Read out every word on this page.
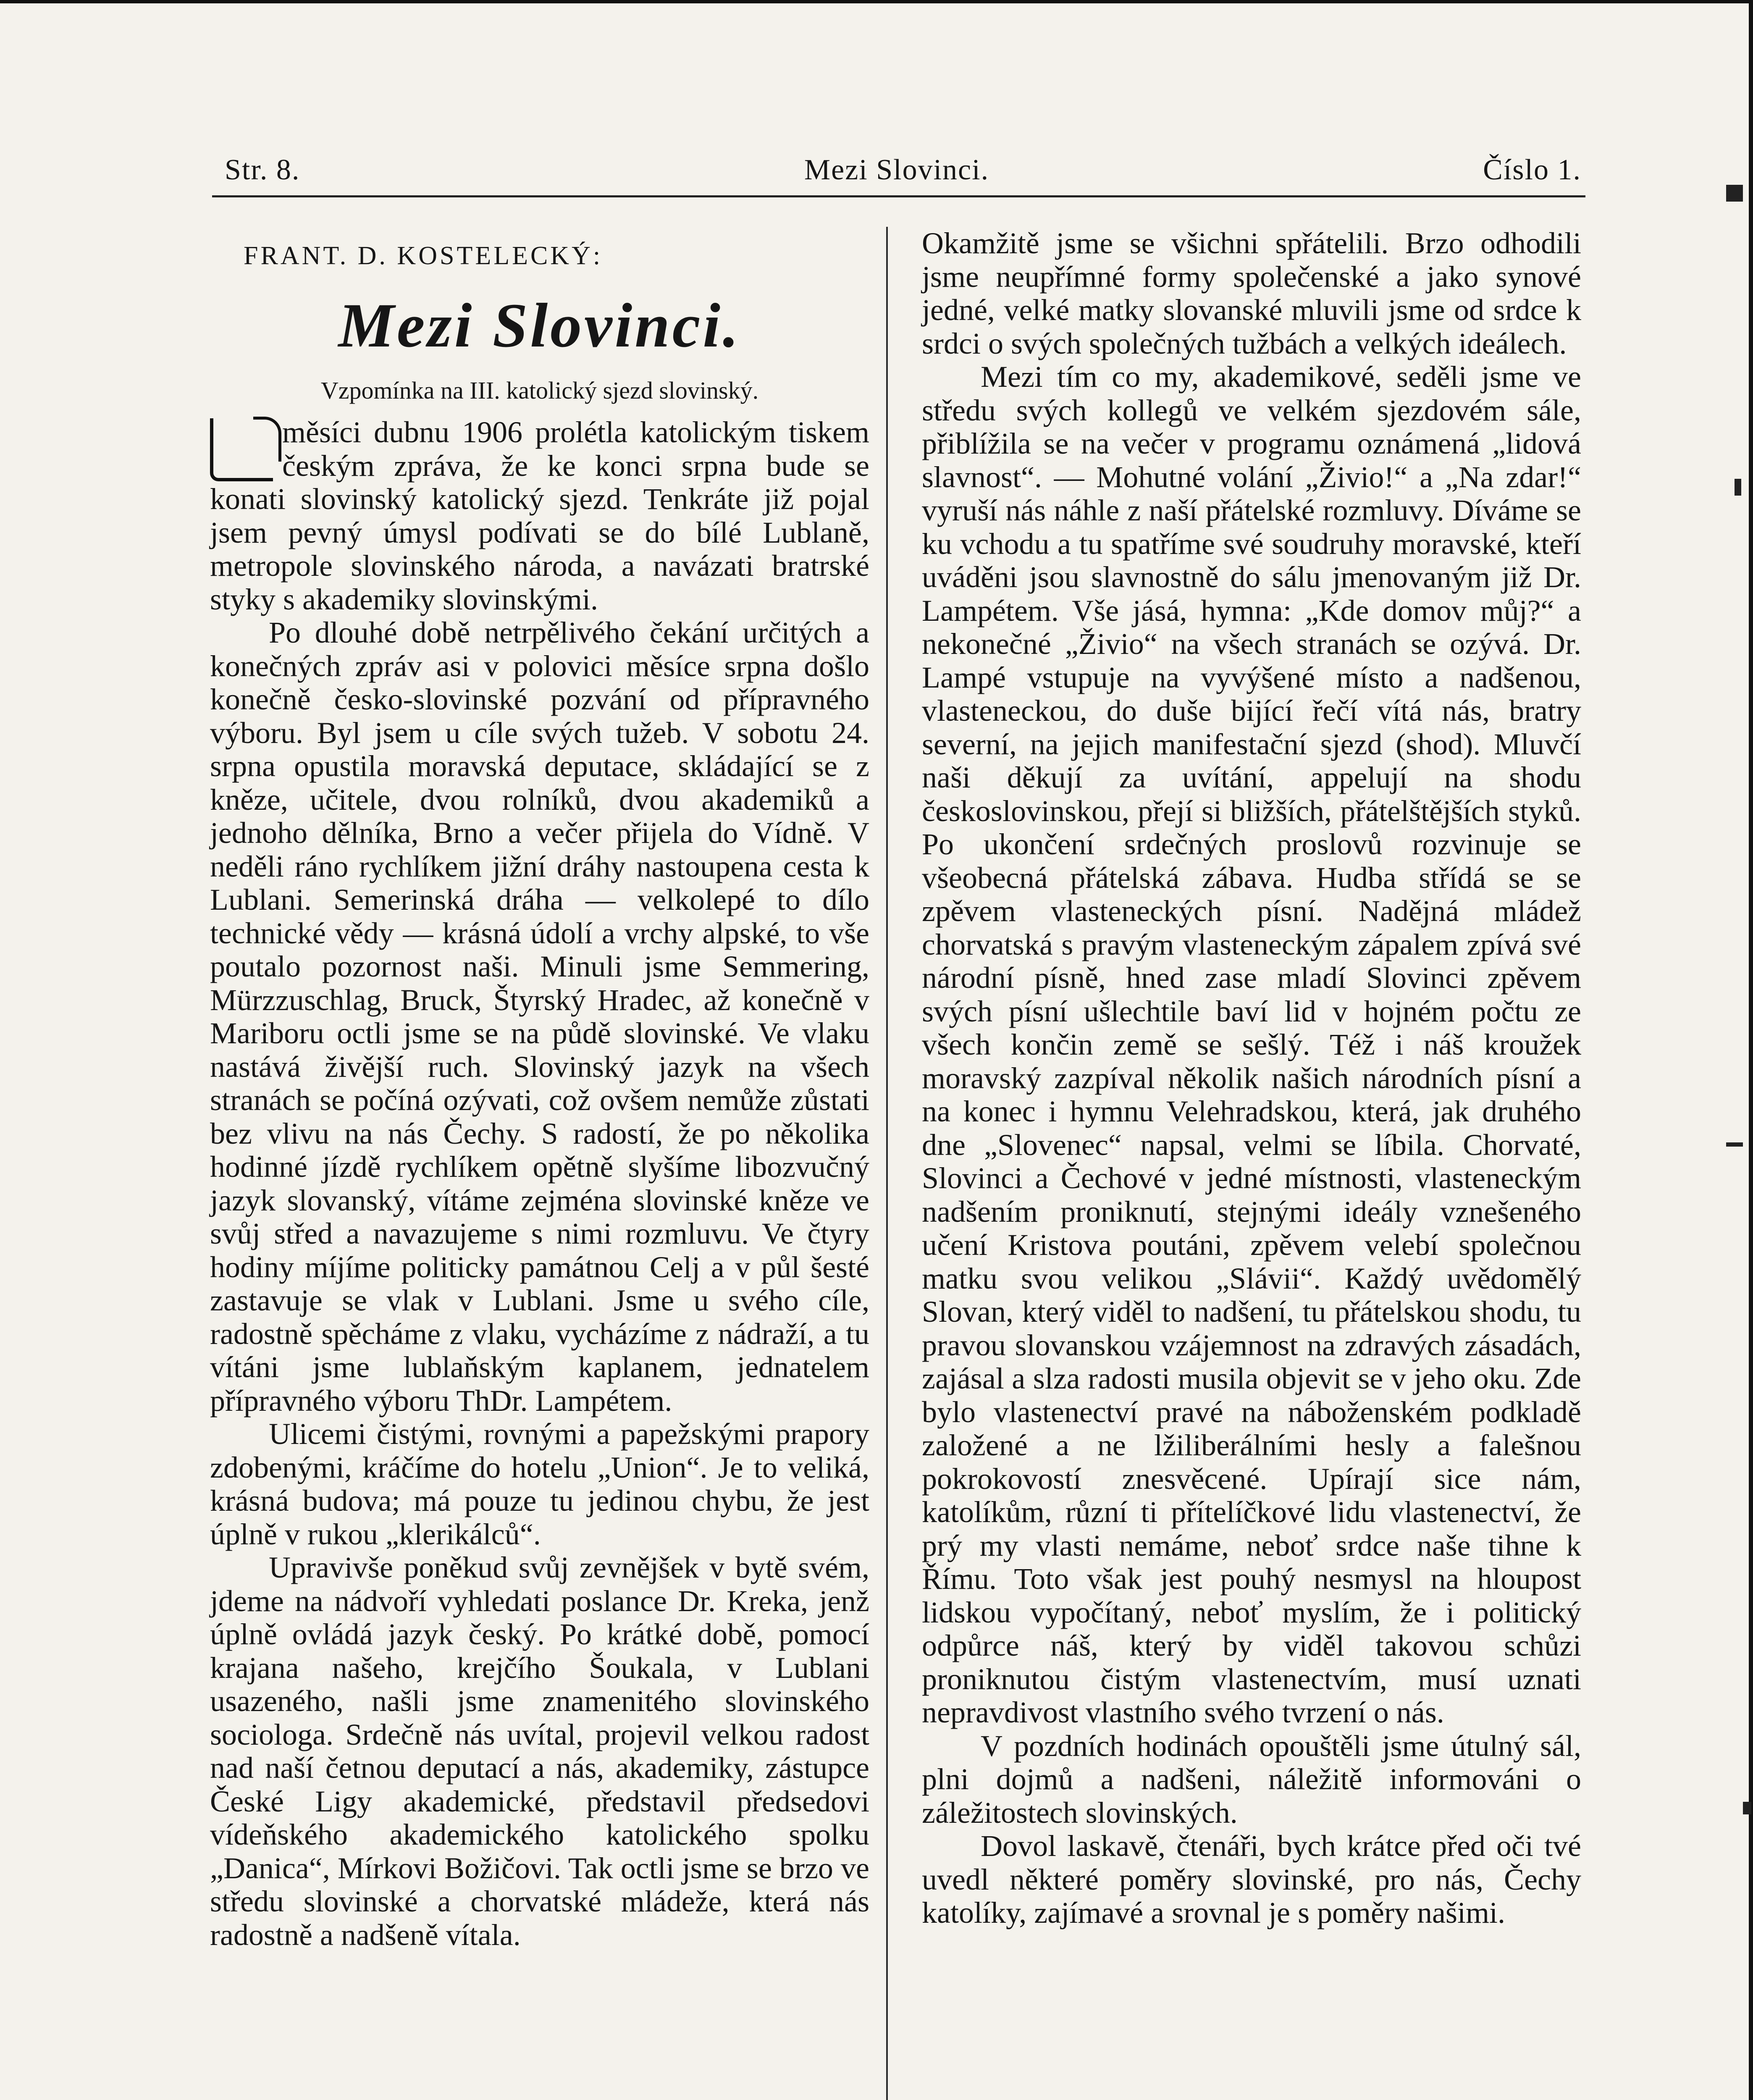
Str. 8.	Mezi Slovinci.	Číslo 1.
FRANT. D. KOSTELECKÝ:
Mezi Slovinci.
Vzpomínka na III. katolický sjezd slovinský.

měsíci dubnu 1906 prolétla katolickým tiskem českým zpráva, že ke konci srpna bude se konati slovinský katolický sjezd. Tenkráte již pojal jsem pevný úmysl podívati se do bílé Lublaně, metropole slovinského národa, a navázati bratrské styky s akademiky slovinskými.

Po dlouhé době netrpělivého čekání určitých a konečných zpráv asi v polovici měsíce srpna došlo konečně česko-slovinské pozvání od přípravného výboru. Byl jsem u cíle svých tužeb. V sobotu 24. srpna opustila moravská deputace, skládající se z kněze, učitele, dvou rolníků, dvou akademiků a jednoho dělníka, Brno a večer přijela do Vídně. V neděli ráno rychlíkem jižní dráhy nastoupena cesta k Lublani. Semerinská dráha — velkolepé to dílo technické vědy — krásná údolí a vrchy alpské, to vše poutalo pozornost naši. Minuli jsme Semmering, Mürzzuschlag, Bruck, Štyrský Hradec, až konečně v Mariboru octli jsme se na půdě slovinské. Ve vlaku nastává živější ruch. Slovinský jazyk na všech stranách se počíná ozývati, což ovšem nemůže zůstati bez vlivu na nás Čechy. S radostí, že po několika hodinné jízdě rychlíkem opětně slyšíme libozvučný jazyk slovanský, vítáme zejména slovinské kněze ve svůj střed a navazujeme s nimi rozmluvu. Ve čtyry hodiny míjíme politicky památnou Celj a v půl šesté zastavuje se vlak v Lublani. Jsme u svého cíle, radostně spěcháme z vlaku, vycházíme z nádraží, a tu vítáni jsme lublaňským kaplanem, jednatelem přípravného výboru ThDr. Lampétem.

Ulicemi čistými, rovnými a papežskými prapory zdobenými, kráčíme do hotelu „Union“. Je to veliká, krásná budova; má pouze tu jedinou chybu, že jest úplně v rukou „klerikálců“.

Upravivše poněkud svůj zevnějšek v bytě svém, jdeme na nádvoří vyhledati poslance Dr. Kreka, jenž úplně ovládá jazyk český. Po krátké době, pomocí krajana našeho, krejčího Šoukala, v Lublani usazeného, našli jsme znamenitého slovinského sociologa. Srdečně nás uvítal, projevil velkou radost nad naší četnou deputací a nás, akademiky, zástupce České Ligy akademické, představil předsedovi vídeňského akademického katolického spolku „Danica“, Mírkovi Božičovi. Tak octli jsme se brzo ve středu slovinské a chorvatské mládeže, která nás radostně a nadšeně vítala.

Okamžitě jsme se všichni spřátelili. Brzo odhodili jsme neupřímné formy společenské a jako synové jedné, velké matky slovanské mluvili jsme od srdce k srdci o svých společných tužbách a velkých ideálech.

Mezi tím co my, akademikové, seděli jsme ve středu svých kollegů ve velkém sjezdovém sále, přiblížila se na večer v programu oznámená „lidová slavnost“. — Mohutné volání „Živio!“ a „Na zdar!“ vyruší nás náhle z naší přátelské rozmluvy. Díváme se ku vchodu a tu spatříme své soudruhy moravské, kteří uváděni jsou slavnostně do sálu jmenovaným již Dr. Lampétem. Vše jásá, hymna: „Kde domov můj?“ a nekonečné „Živio“ na všech stranách se ozývá. Dr. Lampé vstupuje na vyvýšené místo a nadšenou, vlasteneckou, do duše bijící řečí vítá nás, bratry severní, na jejich manifestační sjezd (shod). Mluvčí naši děkují za uvítání, appelují na shodu českoslovinskou, přejí si bližších, přátelštějších styků. Po ukončení srdečných proslovů rozvinuje se všeobecná přátelská zábava. Hudba střídá se se zpěvem vlasteneckých písní. Nadějná mládež chorvatská s pravým vlasteneckým zápalem zpívá své národní písně, hned zase mladí Slovinci zpěvem svých písní ušlechtile baví lid v hojném počtu ze všech končin země se sešlý. Též i náš kroužek moravský zazpíval několik našich národních písní a na konec i hymnu Velehradskou, která, jak druhého dne „Slovenec“ napsal, velmi se líbila. Chorvaté, Slovinci a Čechové v jedné místnosti, vlasteneckým nadšením proniknutí, stejnými ideály vznešeného učení Kristova poutáni, zpěvem velebí společnou matku svou velikou „Slávii“. Každý uvědomělý Slovan, který viděl to nadšení, tu přátelskou shodu, tu pravou slovanskou vzájemnost na zdravých zásadách, zajásal a slza radosti musila objevit se v jeho oku. Zde bylo vlastenectví pravé na náboženském podkladě založené a ne lžiliberálními hesly a falešnou pokrokovostí znesvěcené. Upírají sice nám, katolíkům, různí ti přítelíčkové lidu vlastenectví, že prý my vlasti nemáme, neboť srdce naše tihne k Římu. Toto však jest pouhý nesmysl na hloupost lidskou vypočítaný, neboť myslím, že i politický odpůrce náš, který by viděl takovou schůzi proniknutou čistým vlastenectvím, musí uznati nepravdivost vlastního svého tvrzení o nás.

V pozdních hodinách opouštěli jsme útulný sál, plni dojmů a nadšeni, náležitě informováni o záležitostech slovinských.

Dovol laskavě, čtenáři, bych krátce před oči tvé uvedl některé poměry slovinské, pro nás, Čechy katolíky, zajímavé a srovnal je s poměry našimi.
